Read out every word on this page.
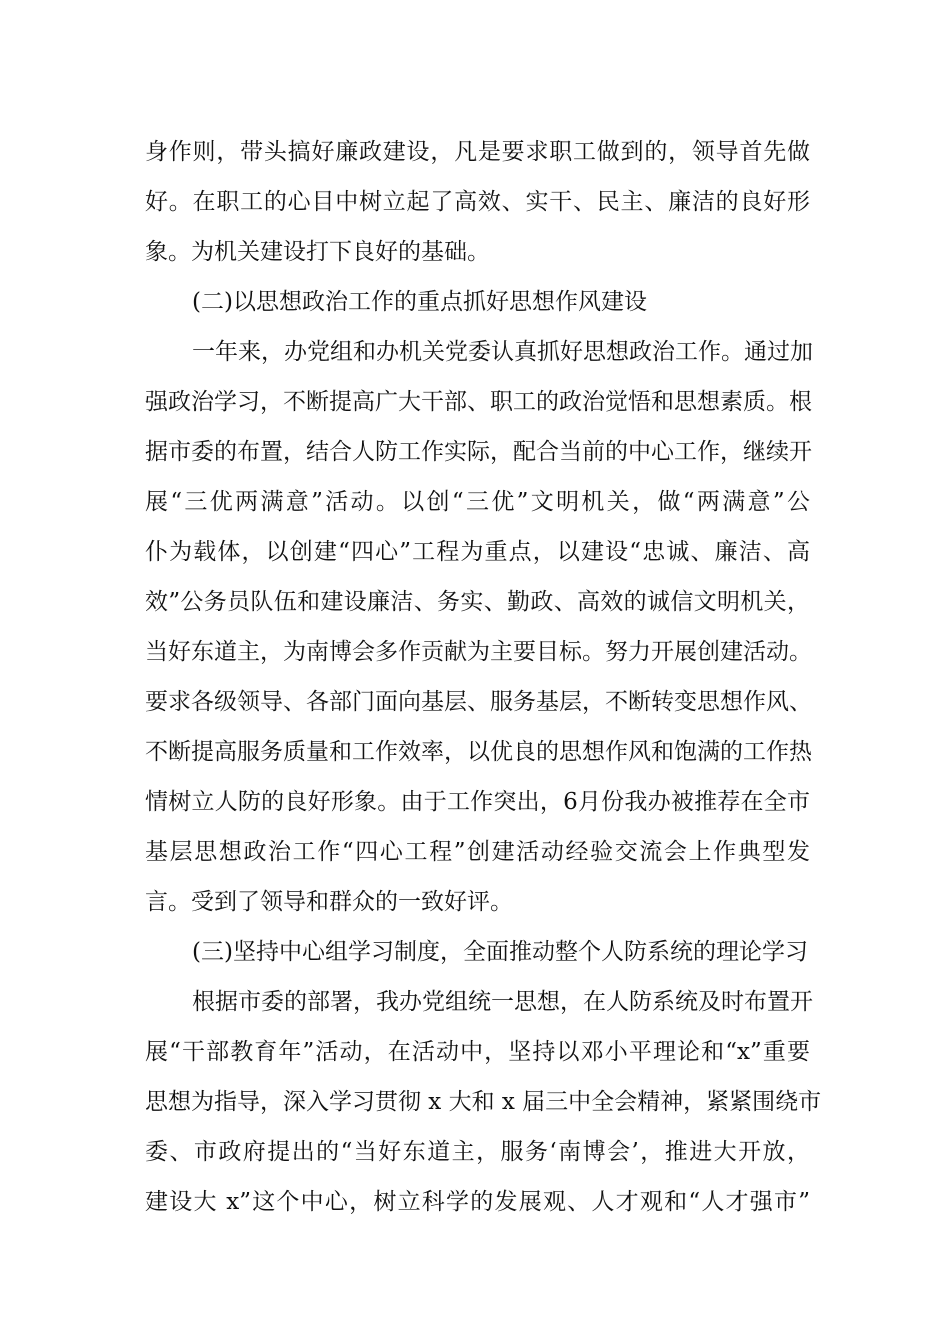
身作则，带头搞好廉政建设，凡是要求职工做到的，领导首先做
好。在职工的心目中树立起了高效、实干、民主、廉洁的良好形
象。为机关建设打下良好的基础。
(二)以思想政治工作的重点抓好思想作风建设
一年来，办党组和办机关党委认真抓好思想政治工作。通过加
强政治学习，不断提高广大干部、职工的政治觉悟和思想素质。根
据市委的布置，结合人防工作实际，配合当前的中心工作，继续开
展“三优两满意”活动。以创“三优”文明机关，做“两满意”公
仆为载体，以创建“四心”工程为重点，以建设“忠诚、廉洁、高
效”公务员队伍和建设廉洁、务实、勤政、高效的诚信文明机关，
当好东道主，为南博会多作贡献为主要目标。努力开展创建活动。
要求各级领导、各部门面向基层、服务基层，不断转变思想作风、
不断提高服务质量和工作效率，以优良的思想作风和饱满的工作热
情树立人防的良好形象。由于工作突出，6月份我办被推荐在全市
基层思想政治工作“四心工程”创建活动经验交流会上作典型发
言。受到了领导和群众的一致好评。
(三)坚持中心组学习制度，全面推动整个人防系统的理论学习
根据市委的部署，我办党组统一思想，在人防系统及时布置开
展“干部教育年”活动，在活动中，坚持以邓小平理论和“x”重要
思想为指导，深入学习贯彻 x 大和 x 届三中全会精神，紧紧围绕市
委、市政府提出的“当好东道主，服务‘南博会’，推进大开放，
建设大 x”这个中心，树立科学的发展观、人才观和“人才强市”
